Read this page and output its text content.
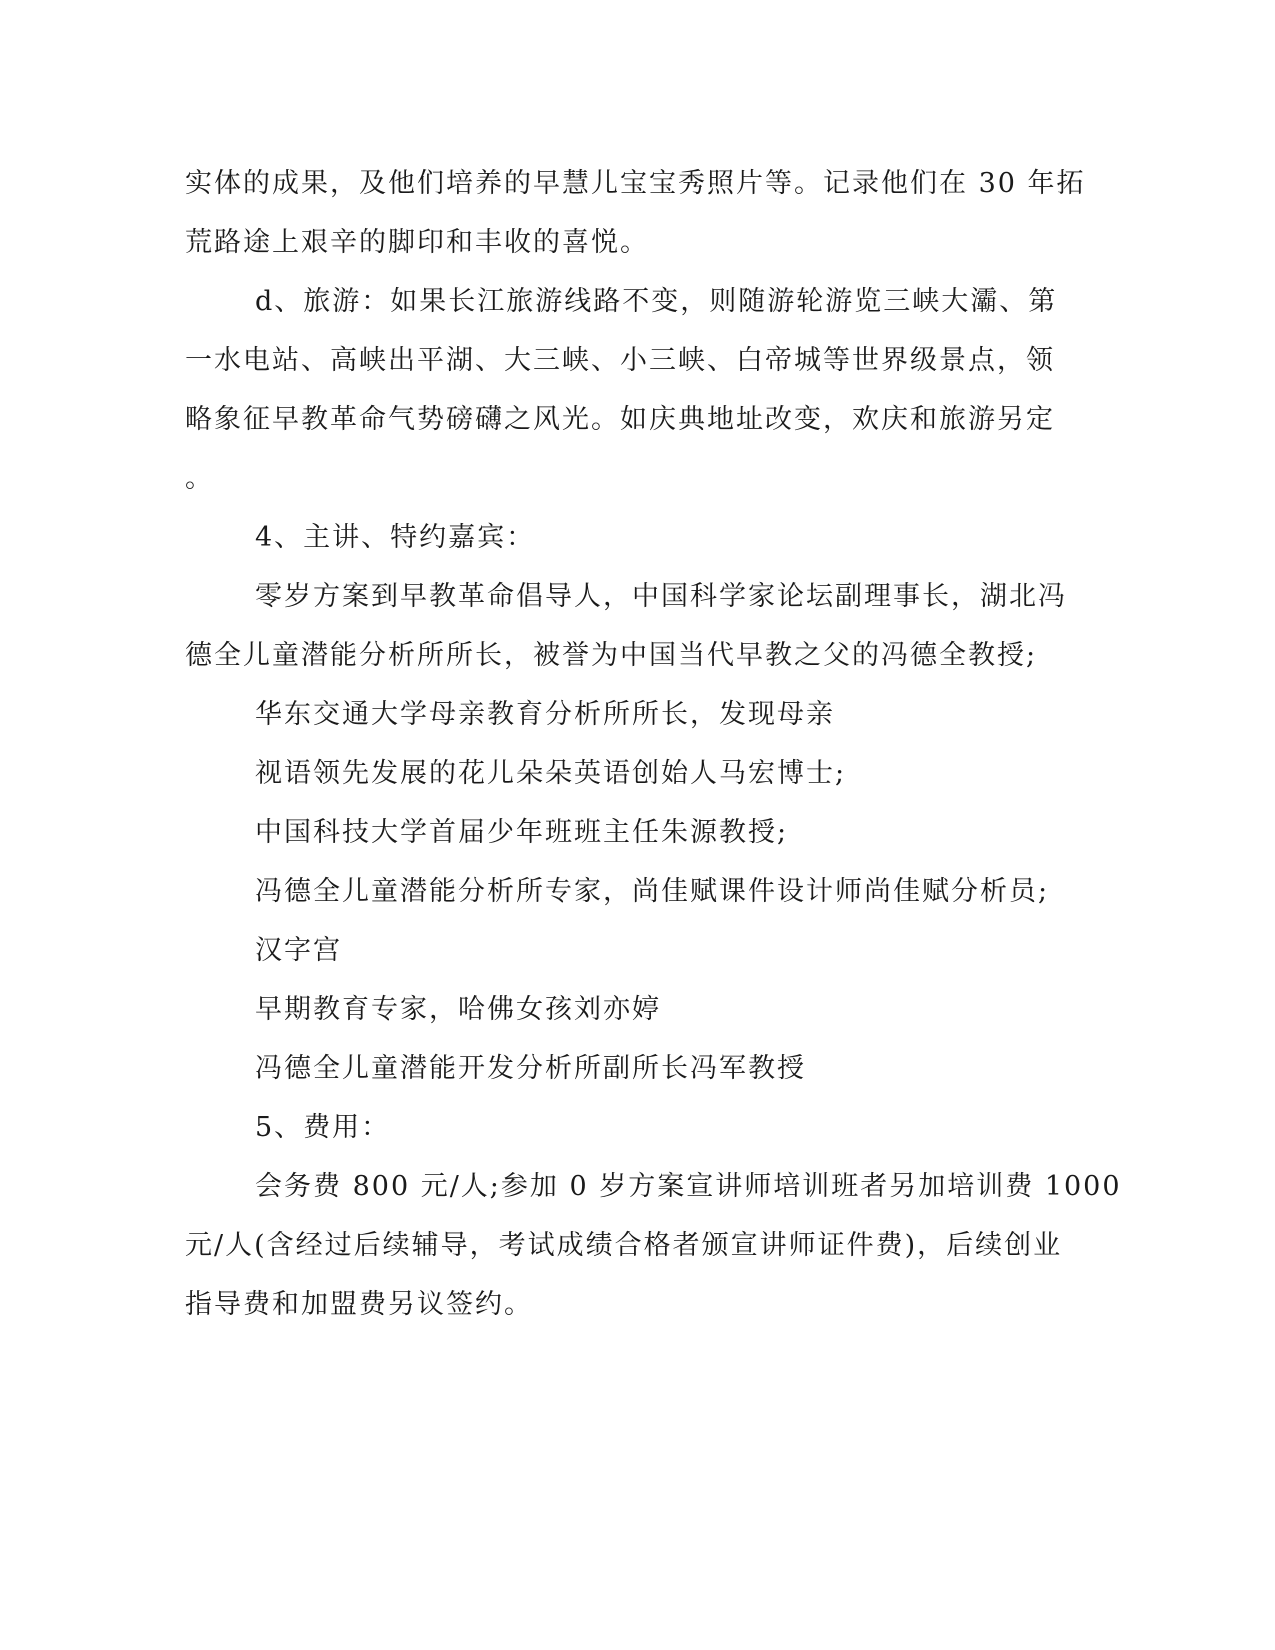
实体的成果，及他们培养的早慧儿宝宝秀照片等。记录他们在 30 年拓
荒路途上艰辛的脚印和丰收的喜悦。

d、旅游：如果长江旅游线路不变，则随游轮游览三峡大灞、第
一水电站、高峡出平湖、大三峡、小三峡、白帝城等世界级景点，领
略象征早教革命气势磅礴之风光。如庆典地址改变，欢庆和旅游另定
。

4、主讲、特约嘉宾：

零岁方案到早教革命倡导人，中国科学家论坛副理事长，湖北冯
德全儿童潜能分析所所长，被誉为中国当代早教之父的冯德全教授;

华东交通大学母亲教育分析所所长，发现母亲

视语领先发展的花儿朵朵英语创始人马宏博士;

中国科技大学首届少年班班主任朱源教授;

冯德全儿童潜能分析所专家，尚佳赋课件设计师尚佳赋分析员;

汉字宫

早期教育专家，哈佛女孩刘亦婷

冯德全儿童潜能开发分析所副所长冯军教授

5、费用：

会务费 800 元/人;参加 0 岁方案宣讲师培训班者另加培训费 1000
元/人(含经过后续辅导，考试成绩合格者颁宣讲师证件费)，后续创业
指导费和加盟费另议签约。
